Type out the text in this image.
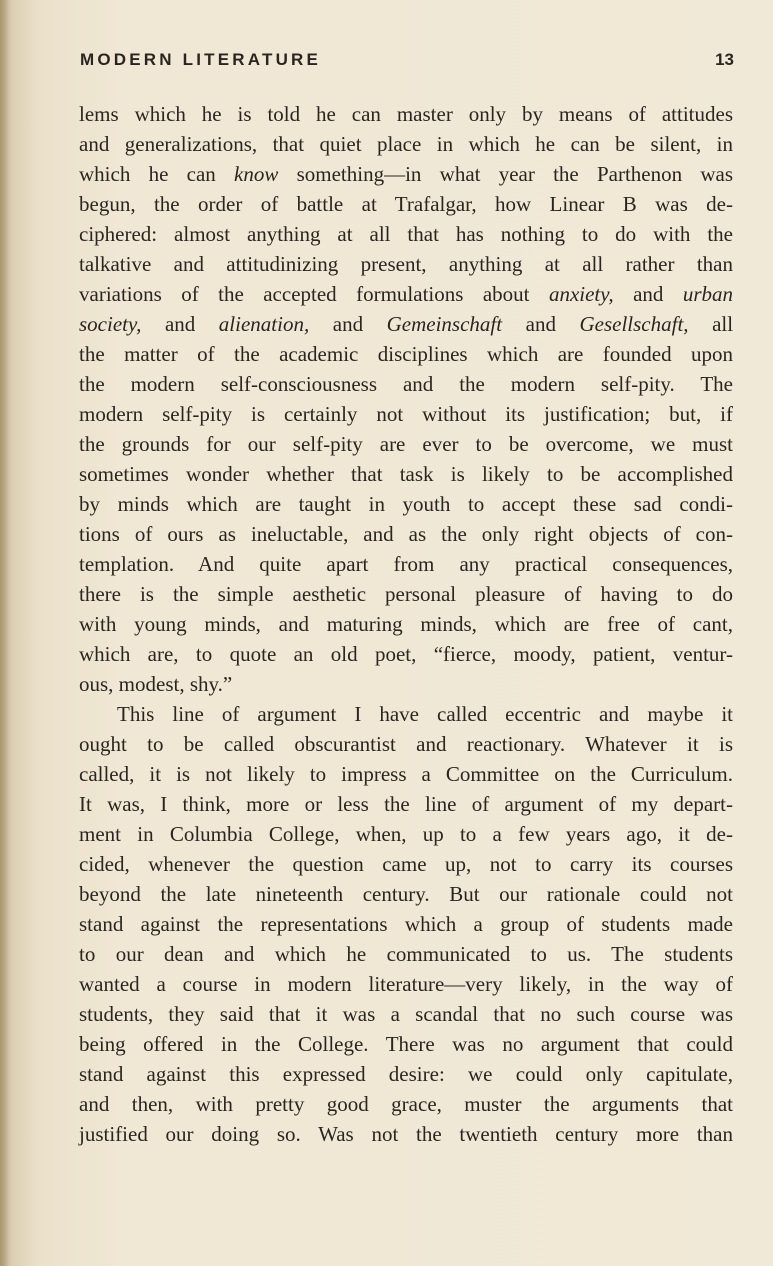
MODERN LITERATURE	13
lems which he is told he can master only by means of attitudes
and generalizations, that quiet place in which he can be silent, in
which he can know something—in what year the Parthenon was
begun, the order of battle at Trafalgar, how Linear B was de-
ciphered: almost anything at all that has nothing to do with the
talkative and attitudinizing present, anything at all rather than
variations of the accepted formulations about anxiety, and urban
society, and alienation, and Gemeinschaft and Gesellschaft, all
the matter of the academic disciplines which are founded upon
the modern self-consciousness and the modern self-pity. The
modern self-pity is certainly not without its justification; but, if
the grounds for our self-pity are ever to be overcome, we must
sometimes wonder whether that task is likely to be accomplished
by minds which are taught in youth to accept these sad condi-
tions of ours as ineluctable, and as the only right objects of con-
templation. And quite apart from any practical consequences,
there is the simple aesthetic personal pleasure of having to do
with young minds, and maturing minds, which are free of cant,
which are, to quote an old poet, “fierce, moody, patient, ventur-
ous, modest, shy.”
This line of argument I have called eccentric and maybe it
ought to be called obscurantist and reactionary. Whatever it is
called, it is not likely to impress a Committee on the Curriculum.
It was, I think, more or less the line of argument of my depart-
ment in Columbia College, when, up to a few years ago, it de-
cided, whenever the question came up, not to carry its courses
beyond the late nineteenth century. But our rationale could not
stand against the representations which a group of students made
to our dean and which he communicated to us. The students
wanted a course in modern literature—very likely, in the way of
students, they said that it was a scandal that no such course was
being offered in the College. There was no argument that could
stand against this expressed desire: we could only capitulate,
and then, with pretty good grace, muster the arguments that
justified our doing so. Was not the twentieth century more than
